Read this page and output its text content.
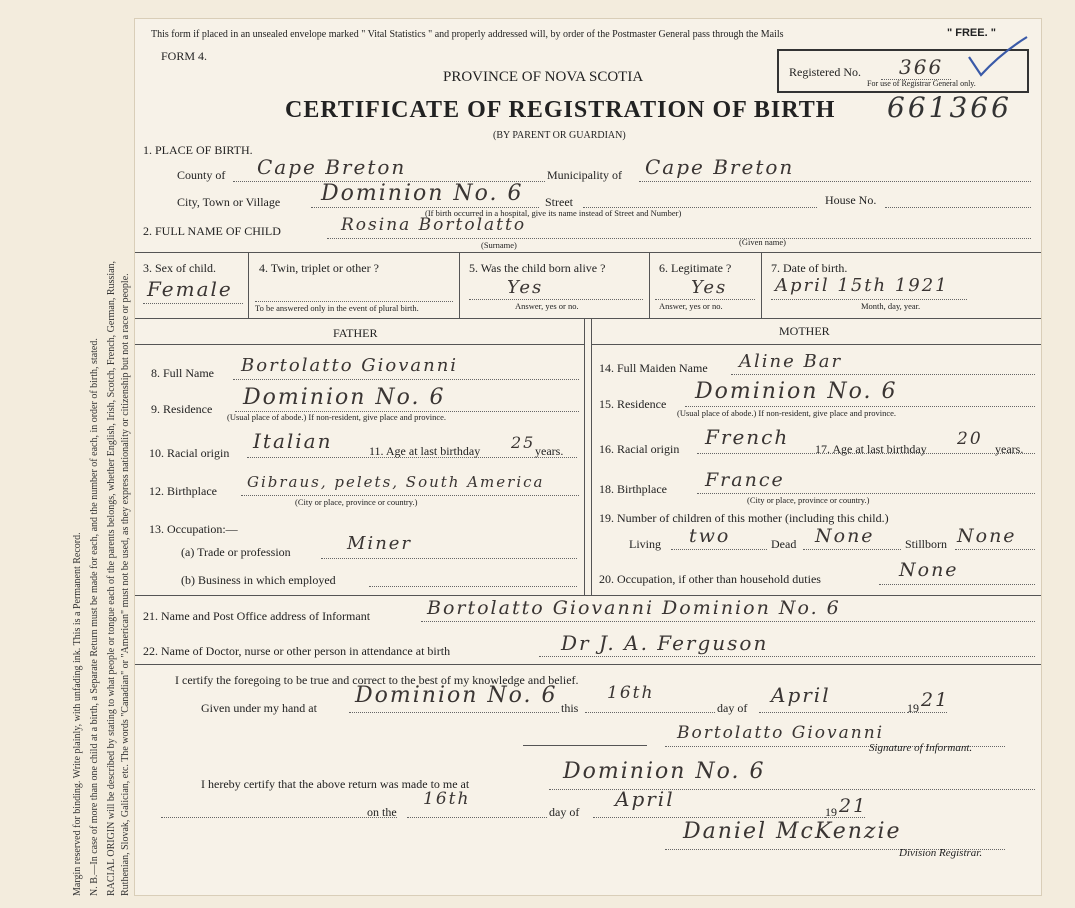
Margin reserved for binding. Write plainly, with unfading ink. This is a Permanent Record. N. B.—In case of more than one child at a birth, a Separate Return must be made for each, and the number of each, in order of birth, stated. RACIAL ORIGIN will be described by stating to what people or tongue each of the parents belongs, whether English, Irish, Scotch, French, German, Russian, Ruthenian, Slovak, Galician, etc. The words "Canadian" or "American" must not be used, as they express nationality or citizenship but not a race or people.
This form if placed in an unsealed envelope marked " Vital Statistics " and properly addressed will, by order of the Postmaster General pass through the Mails	" FREE. "
FORM 4.
PROVINCE OF NOVA SCOTIA
CERTIFICATE OF REGISTRATION OF BIRTH 661366
(BY PARENT OR GUARDIAN)
Registered No. 366
For use of Registrar General only.
1. PLACE OF BIRTH.
County of Cape Breton	Municipality of Cape Breton
City, Town or Village Dominion No. 6 Street	House No.
(If birth occurred in a hospital, give its name instead of Street and Number)
2. FULL NAME OF CHILD	Rosina Bortolatto
(Surname)	(Given name)
3. Sex of child.
Female
4. Twin, triplet or other ?
To be answered only in the event of plural birth.
5. Was the child born alive ?
Yes
Answer, yes or no.
6. Legitimate ?
Yes
Answer, yes or no.
7. Date of birth.
April 15th 1921
Month, day, year.
FATHER	MOTHER
8. Full Name Bortolatto Giovanni
9. Residence Dominion No. 6
(Usual place of abode.) If non-resident, give place and province.
10. Racial origin Italian	11. Age at last birthday 25 years.
12. Birthplace Gibraus, pelets, South America
(City or place, province or country.)
13. Occupation:—
(a) Trade or profession	Miner
(b) Business in which employed
14. Full Maiden Name Aline Bar
15. Residence Dominion No. 6
(Usual place of abode.) If non-resident, give place and province.
16. Racial origin French 17. Age at last birthday 20 years.
18. Birthplace France
(City or place, province or country.)
19. Number of children of this mother (including this child.)
Living two	Dead None	Stillborn None
20. Occupation, if other than household duties	None
21. Name and Post Office address of Informant	Bortolatto Giovanni Dominion No. 6
22. Name of Doctor, nurse or other person in attendance at birth	Dr J. A. Ferguson
I certify the foregoing to be true and correct to the best of my knowledge and belief.
Given under my hand at Dominion No. 6 this
16th
day of
April
19 21
Bortolatto Giovanni
Signature of Informant.
I hereby certify that the above return was made to me at	Dominion No. 6
on the
16th
day of
April
19 21
Daniel McKenzie
Division Registrar.
